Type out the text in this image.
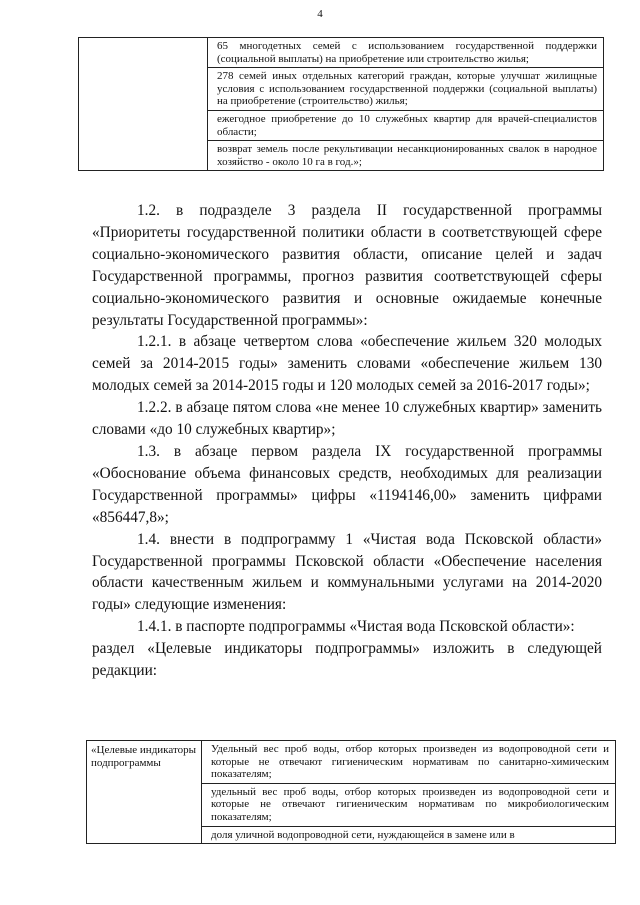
4

65 многодетных семей с использованием государственной поддержки (социальной выплаты) на приобретение или строительство жилья;
278 семей иных отдельных категорий граждан, которые улучшат жилищные условия с использованием государственной поддержки (социальной выплаты) на приобретение (строительство) жилья;
ежегодное приобретение до 10 служебных квартир для врачей-специалистов области;
возврат земель после рекультивации несанкционированных свалок в народное хозяйство - около 10 га в год.»;

1.2. в подразделе 3 раздела II государственной программы «Приоритеты государственной политики области в соответствующей сфере социально-экономического развития области, описание целей и задач Государственной программы, прогноз развития соответствующей сферы социально-экономического развития и основные ожидаемые конечные результаты Государственной программы»:

1.2.1. в абзаце четвертом слова «обеспечение жильем 320 молодых семей за 2014-2015 годы» заменить словами «обеспечение жильем 130 молодых семей за 2014-2015 годы и 120 молодых семей за 2016-2017 годы»;

1.2.2. в абзаце пятом слова «не менее 10 служебных квартир» заменить словами «до 10 служебных квартир»;

1.3. в абзаце первом раздела IX государственной программы «Обоснование объема финансовых средств, необходимых для реализации Государственной программы» цифры «1194146,00» заменить цифрами «856447,8»;

1.4. внести в подпрограмму 1 «Чистая вода Псковской области» Государственной программы Псковской области «Обеспечение населения области качественным жильем и коммунальными услугами на 2014-2020 годы» следующие изменения:

1.4.1. в паспорте подпрограммы «Чистая вода Псковской области»:

раздел «Целевые индикаторы подпрограммы» изложить в следующей редакции:

«Целевые индикаторы подпрограммы

Удельный вес проб воды, отбор которых произведен из водопроводной сети и которые не отвечают гигиеническим нормативам по санитарно-химическим показателям;
удельный вес проб воды, отбор которых произведен из водопроводной сети и которые не отвечают гигиеническим нормативам по микробиологическим показателям;
доля уличной водопроводной сети, нуждающейся в замене или в
